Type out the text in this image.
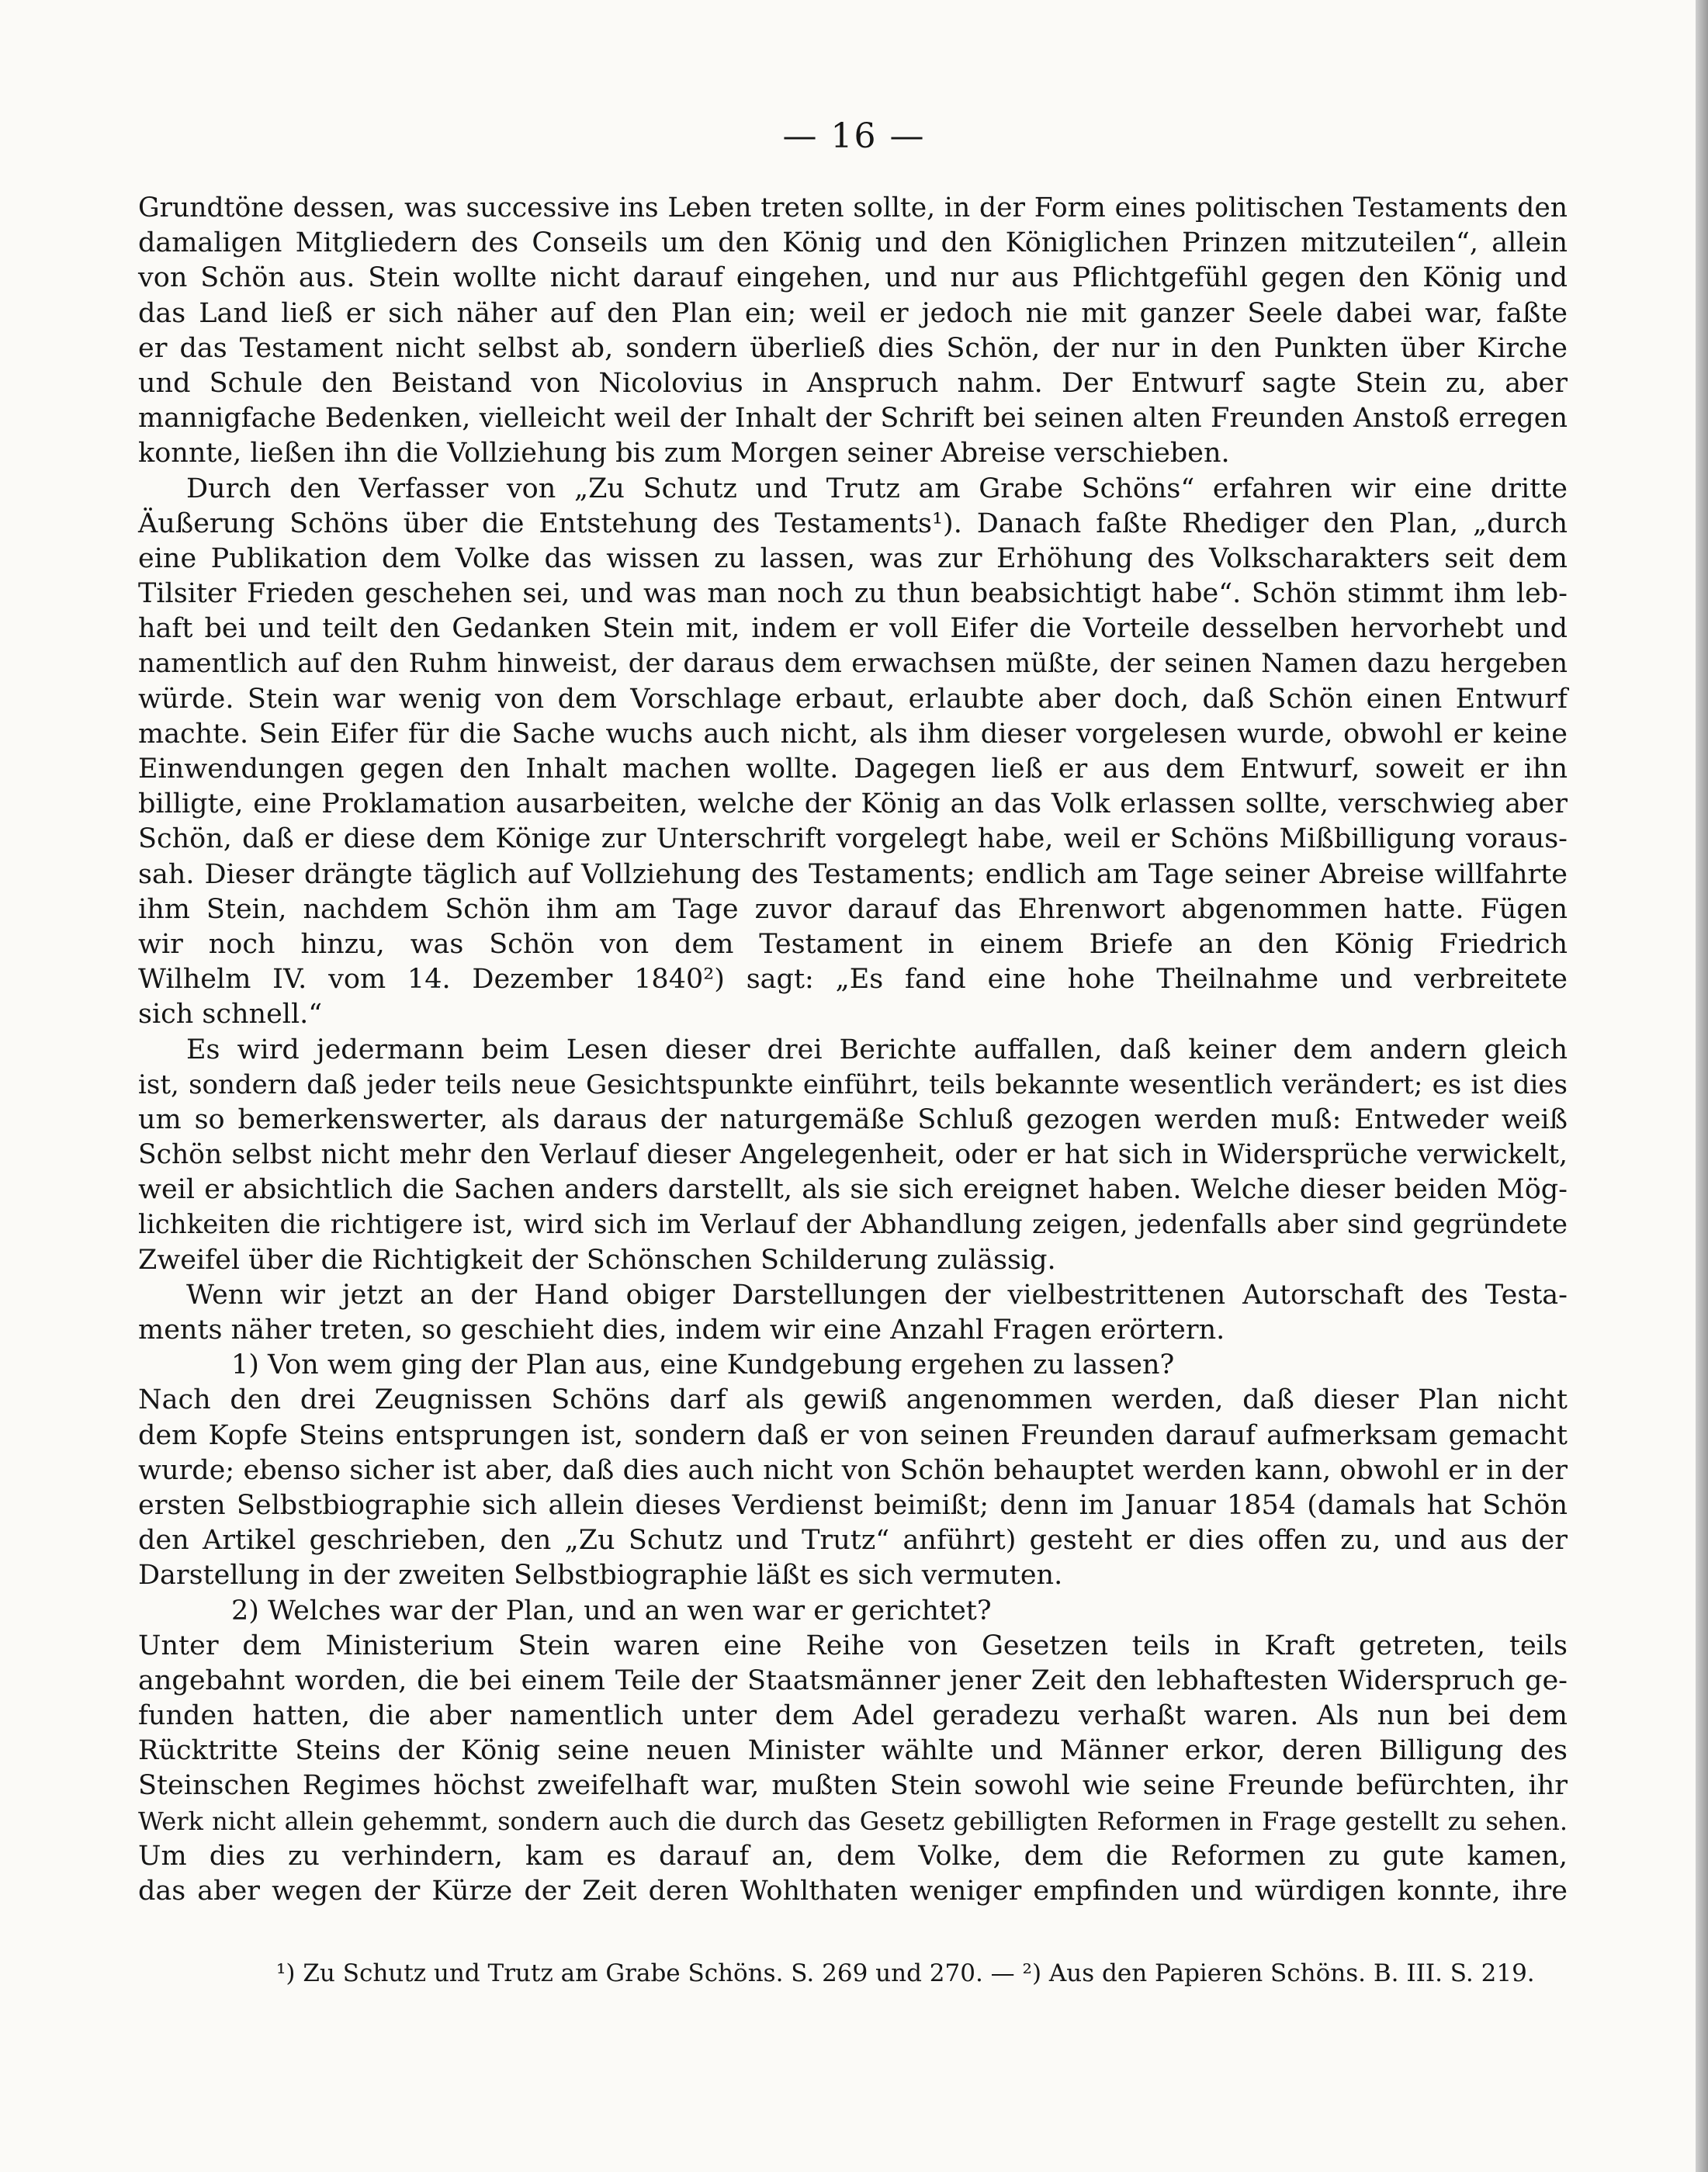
— 16 —
Grundtöne dessen, was successive ins Leben treten sollte, in der Form eines politischen Testaments den
damaligen Mitgliedern des Conseils um den König und den Königlichen Prinzen mitzuteilen“, allein
von Schön aus. Stein wollte nicht darauf eingehen, und nur aus Pflichtgefühl gegen den König und
das Land ließ er sich näher auf den Plan ein; weil er jedoch nie mit ganzer Seele dabei war, faßte
er das Testament nicht selbst ab, sondern überließ dies Schön, der nur in den Punkten über Kirche
und Schule den Beistand von Nicolovius in Anspruch nahm. Der Entwurf sagte Stein zu, aber
mannigfache Bedenken, vielleicht weil der Inhalt der Schrift bei seinen alten Freunden Anstoß erregen
konnte, ließen ihn die Vollziehung bis zum Morgen seiner Abreise verschieben.
Durch den Verfasser von „Zu Schutz und Trutz am Grabe Schöns“ erfahren wir eine dritte
Äußerung Schöns über die Entstehung des Testaments¹). Danach faßte Rhediger den Plan, „durch
eine Publikation dem Volke das wissen zu lassen, was zur Erhöhung des Volkscharakters seit dem
Tilsiter Frieden geschehen sei, und was man noch zu thun beabsichtigt habe“. Schön stimmt ihm leb-
haft bei und teilt den Gedanken Stein mit, indem er voll Eifer die Vorteile desselben hervorhebt und
namentlich auf den Ruhm hinweist, der daraus dem erwachsen müßte, der seinen Namen dazu hergeben
würde. Stein war wenig von dem Vorschlage erbaut, erlaubte aber doch, daß Schön einen Entwurf
machte. Sein Eifer für die Sache wuchs auch nicht, als ihm dieser vorgelesen wurde, obwohl er keine
Einwendungen gegen den Inhalt machen wollte. Dagegen ließ er aus dem Entwurf, soweit er ihn
billigte, eine Proklamation ausarbeiten, welche der König an das Volk erlassen sollte, verschwieg aber
Schön, daß er diese dem Könige zur Unterschrift vorgelegt habe, weil er Schöns Mißbilligung voraus-
sah. Dieser drängte täglich auf Vollziehung des Testaments; endlich am Tage seiner Abreise willfahrte
ihm Stein, nachdem Schön ihm am Tage zuvor darauf das Ehrenwort abgenommen hatte. Fügen
wir noch hinzu, was Schön von dem Testament in einem Briefe an den König Friedrich
Wilhelm IV. vom 14. Dezember 1840²) sagt: „Es fand eine hohe Theilnahme und verbreitete
sich schnell.“
Es wird jedermann beim Lesen dieser drei Berichte auffallen, daß keiner dem andern gleich
ist, sondern daß jeder teils neue Gesichtspunkte einführt, teils bekannte wesentlich verändert; es ist dies
um so bemerkenswerter, als daraus der naturgemäße Schluß gezogen werden muß: Entweder weiß
Schön selbst nicht mehr den Verlauf dieser Angelegenheit, oder er hat sich in Widersprüche verwickelt,
weil er absichtlich die Sachen anders darstellt, als sie sich ereignet haben. Welche dieser beiden Mög-
lichkeiten die richtigere ist, wird sich im Verlauf der Abhandlung zeigen, jedenfalls aber sind gegründete
Zweifel über die Richtigkeit der Schönschen Schilderung zulässig.
Wenn wir jetzt an der Hand obiger Darstellungen der vielbestrittenen Autorschaft des Testa-
ments näher treten, so geschieht dies, indem wir eine Anzahl Fragen erörtern.
1) Von wem ging der Plan aus, eine Kundgebung ergehen zu lassen?
Nach den drei Zeugnissen Schöns darf als gewiß angenommen werden, daß dieser Plan nicht
dem Kopfe Steins entsprungen ist, sondern daß er von seinen Freunden darauf aufmerksam gemacht
wurde; ebenso sicher ist aber, daß dies auch nicht von Schön behauptet werden kann, obwohl er in der
ersten Selbstbiographie sich allein dieses Verdienst beimißt; denn im Januar 1854 (damals hat Schön
den Artikel geschrieben, den „Zu Schutz und Trutz“ anführt) gesteht er dies offen zu, und aus der
Darstellung in der zweiten Selbstbiographie läßt es sich vermuten.
2) Welches war der Plan, und an wen war er gerichtet?
Unter dem Ministerium Stein waren eine Reihe von Gesetzen teils in Kraft getreten, teils
angebahnt worden, die bei einem Teile der Staatsmänner jener Zeit den lebhaftesten Widerspruch ge-
funden hatten, die aber namentlich unter dem Adel geradezu verhaßt waren. Als nun bei dem
Rücktritte Steins der König seine neuen Minister wählte und Männer erkor, deren Billigung des
Steinschen Regimes höchst zweifelhaft war, mußten Stein sowohl wie seine Freunde befürchten, ihr
Werk nicht allein gehemmt, sondern auch die durch das Gesetz gebilligten Reformen in Frage gestellt zu sehen.
Um dies zu verhindern, kam es darauf an, dem Volke, dem die Reformen zu gute kamen,
das aber wegen der Kürze der Zeit deren Wohlthaten weniger empfinden und würdigen konnte, ihre
¹) Zu Schutz und Trutz am Grabe Schöns. S. 269 und 270. — ²) Aus den Papieren Schöns. B. III. S. 219.
